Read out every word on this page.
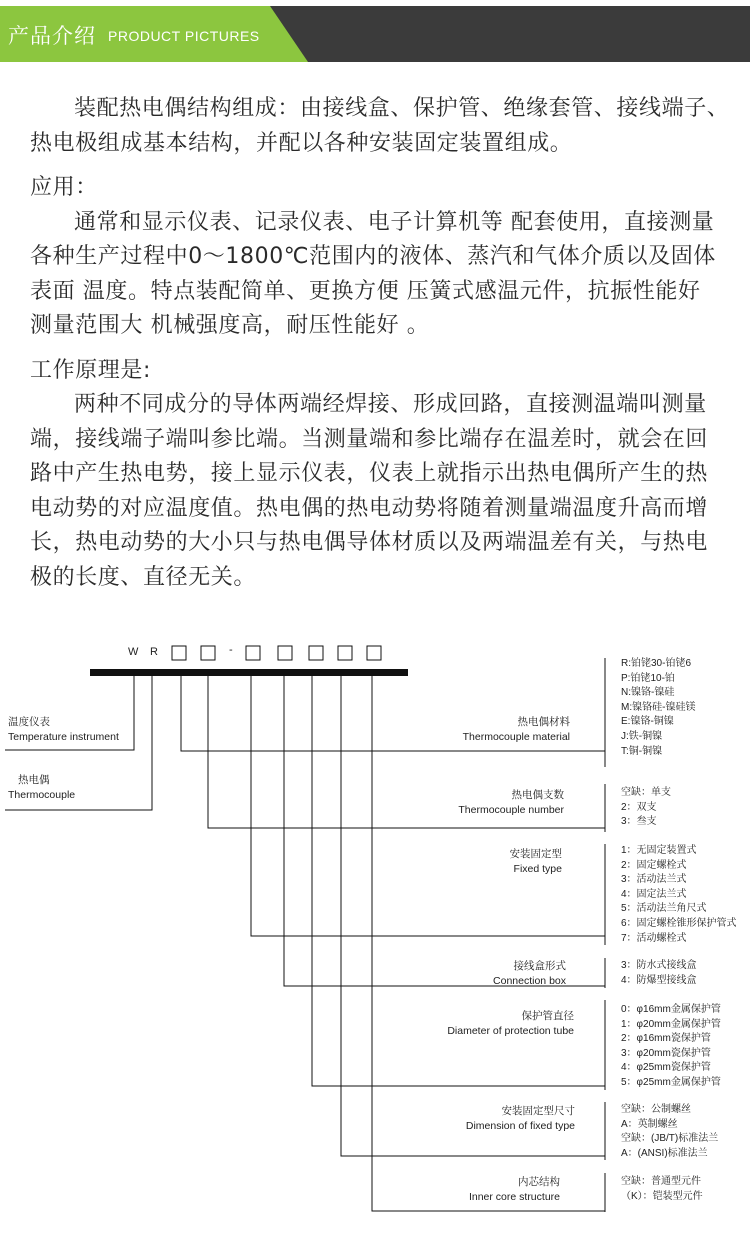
产品介绍 PRODUCT PICTURES

装配热电偶结构组成：由接线盒、保护管、绝缘套管、接线端子、热电极组成基本结构，并配以各种安装固定装置组成。

应用：

通常和显示仪表、记录仪表、电子计算机等 配套使用，直接测量各种生产过程中0～1800℃范围内的液体、蒸汽和气体介质以及固体表面 温度。特点装配简单、更换方便 压簧式感温元件，抗振性能好 测量范围大 机械强度高，耐压性能好 。

工作原理是:

两种不同成分的导体两端经焊接、形成回路，直接测温端叫测量端，接线端子端叫参比端。当测量端和参比端存在温差时，就会在回路中产生热电势，接上显示仪表，仪表上就指示出热电偶所产生的热电动势的对应温度值。热电偶的热电动势将随着测量端温度升高而增长，热电动势的大小只与热电偶导体材质以及两端温差有关，与热电极的长度、直径无关。

W R	-
温度仪表
Temperature instrument
热电偶
Thermocouple
热电偶材料
Thermocouple material
热电偶支数
Thermocouple number
安装固定型
Fixed type
接线盒形式
Connection box
保护管直径
Diameter of protection tube
安装固定型尺寸
Dimension of fixed type
内芯结构
Inner core structure
R:铂铑30-铂铑6
P:铂铑10-铂
N:镍铬-镍硅
M:镍铬硅-镍硅镁
E:镍铬-铜镍
J:铁-铜镍
T:铜-铜镍
空缺：单支
2：双支
3：叁支
1：无固定装置式
2：固定螺栓式
3：活动法兰式
4：固定法兰式
5：活动法兰角尺式
6：固定螺栓锥形保护管式
7：活动螺栓式
3：防水式接线盒
4：防爆型接线盒
0：φ16mm金属保护管
1：φ20mm金属保护管
2：φ16mm瓷保护管
3：φ20mm瓷保护管
4：φ25mm瓷保护管
5：φ25mm金属保护管
空缺：公制螺丝
A：英制螺丝
空缺：(JB/T)标准法兰
A：(ANSI)标准法兰
空缺：普通型元件
（K）：铠装型元件
